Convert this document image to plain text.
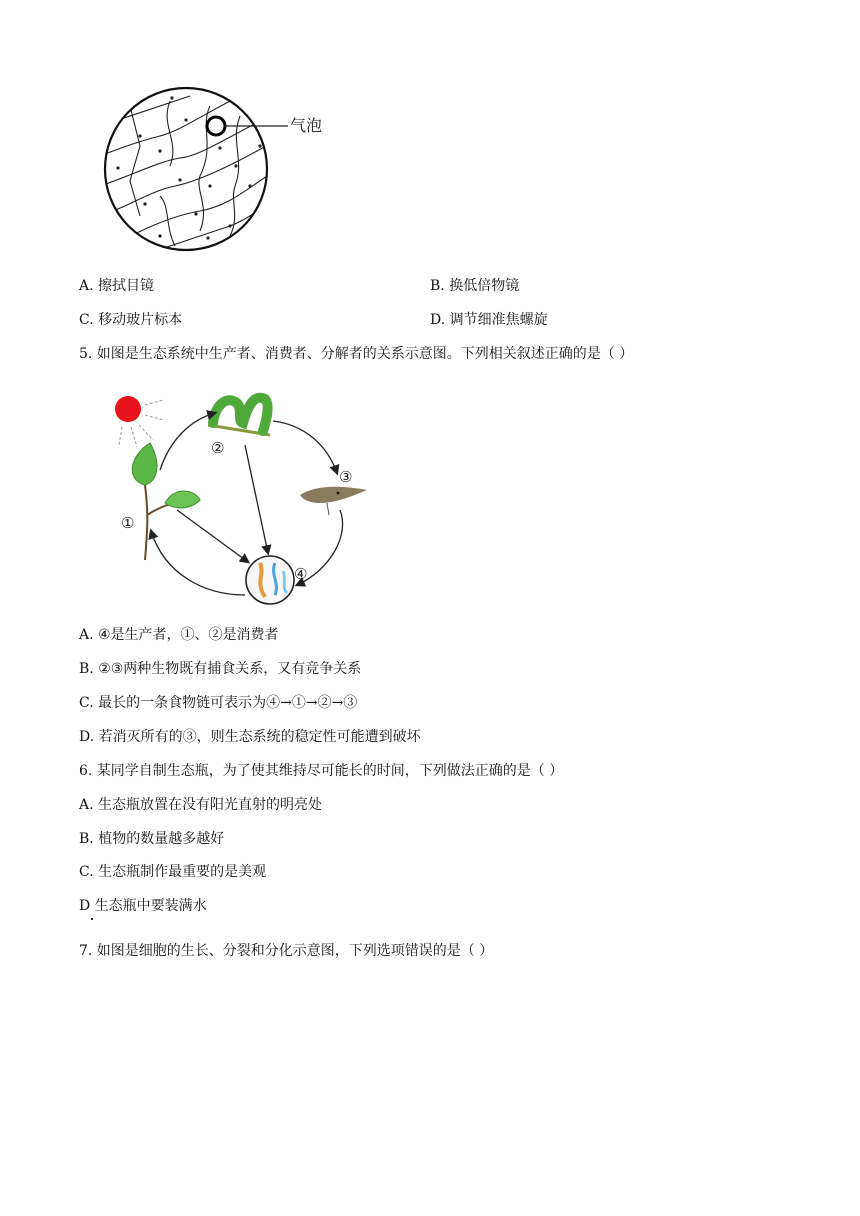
气泡
A. 擦拭目镜	B. 换低倍物镜
C. 移动玻片标本	D. 调节细准焦螺旋
5. 如图是生态系统中生产者、消费者、分解者的关系示意图。下列相关叙述正确的是（ ）
①
②
③
④
A. ④是生产者，①、②是消费者
B. ②③两种生物既有捕食关系，又有竞争关系
C. 最长的一条食物链可表示为④→①→②→③
D. 若消灭所有的③，则生态系统的稳定性可能遭到破坏
6. 某同学自制生态瓶，为了使其维持尽可能长的时间，下列做法正确的是（ ）
A. 生态瓶放置在没有阳光直射的明亮处
B. 植物的数量越多越好
C. 生态瓶制作最重要的是美观
D 生态瓶中要装满水
7. 如图是细胞的生长、分裂和分化示意图，下列选项错误的是（ ）
